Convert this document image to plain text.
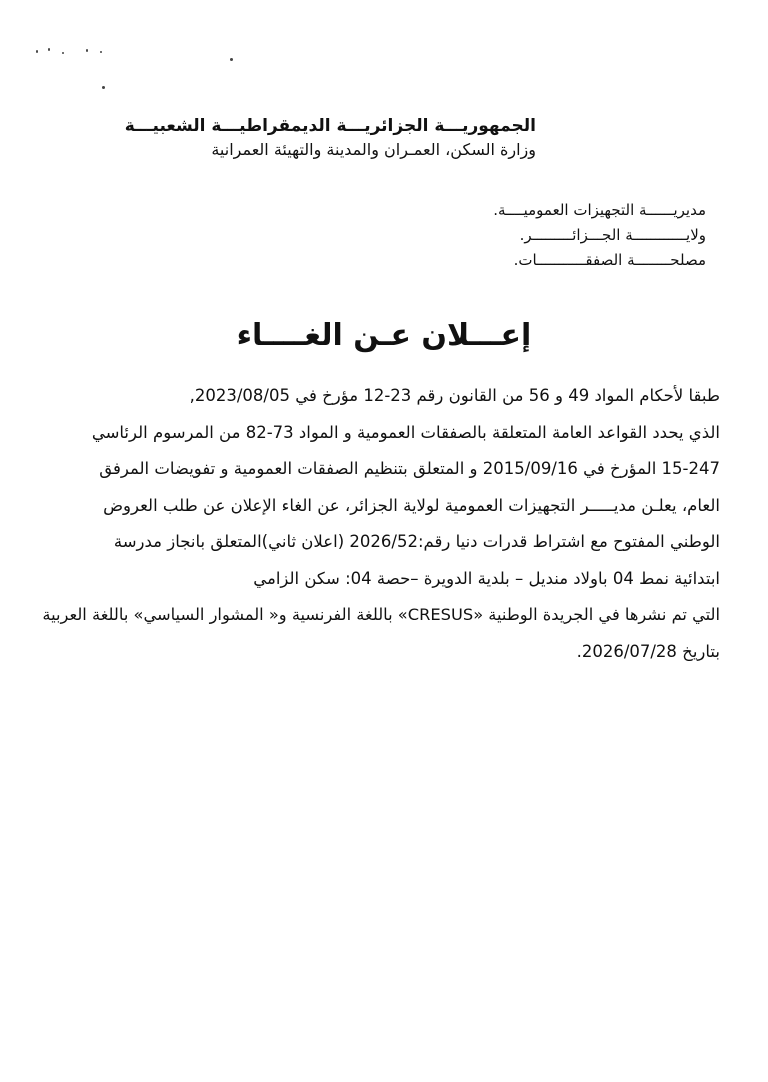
الجمهوريـــة الجزائريـــة الديمقراطيـــة الشعبيـــة
وزارة السكن، العمـران والمدينة والتهيئة العمرانية
مديريــــــة التجهيزات العموميــــة.
ولايــــــــــــة الجـــزائـــــــــر.
مصلحــــــــة الصفقـــــــــــات.
إعـــلان عـن الغــــاء
طبقا لأحكام المواد 49 و 56 من القانون رقم 23-12 مؤرخ في 2023/08/05,
الذي يحدد القواعد العامة المتعلقة بالصفقات العمومية و المواد 73-82 من المرسوم الرئاسي
15-247 المؤرخ في 2015/09/16 و المتعلق بتنظيم الصفقات العمومية و تفويضات المرفق
العام، يعلـن مديـــــر التجهيزات العمومية لولاية الجزائر، عن الغاء الإعلان عن طلب العروض
الوطني المفتوح مع اشتراط قدرات دنيا رقم:2026/52 (اعلان ثاني)المتعلق بانجاز مدرسة
ابتدائية نمط 04 باولاد منديل – بلدية الدويرة –حصة 04: سكن الزامي
التي تم نشرها في الجريدة الوطنية «CRESUS» باللغة الفرنسية و« المشوار السياسي» باللغة العربية
بتاريخ 2026/07/28.
